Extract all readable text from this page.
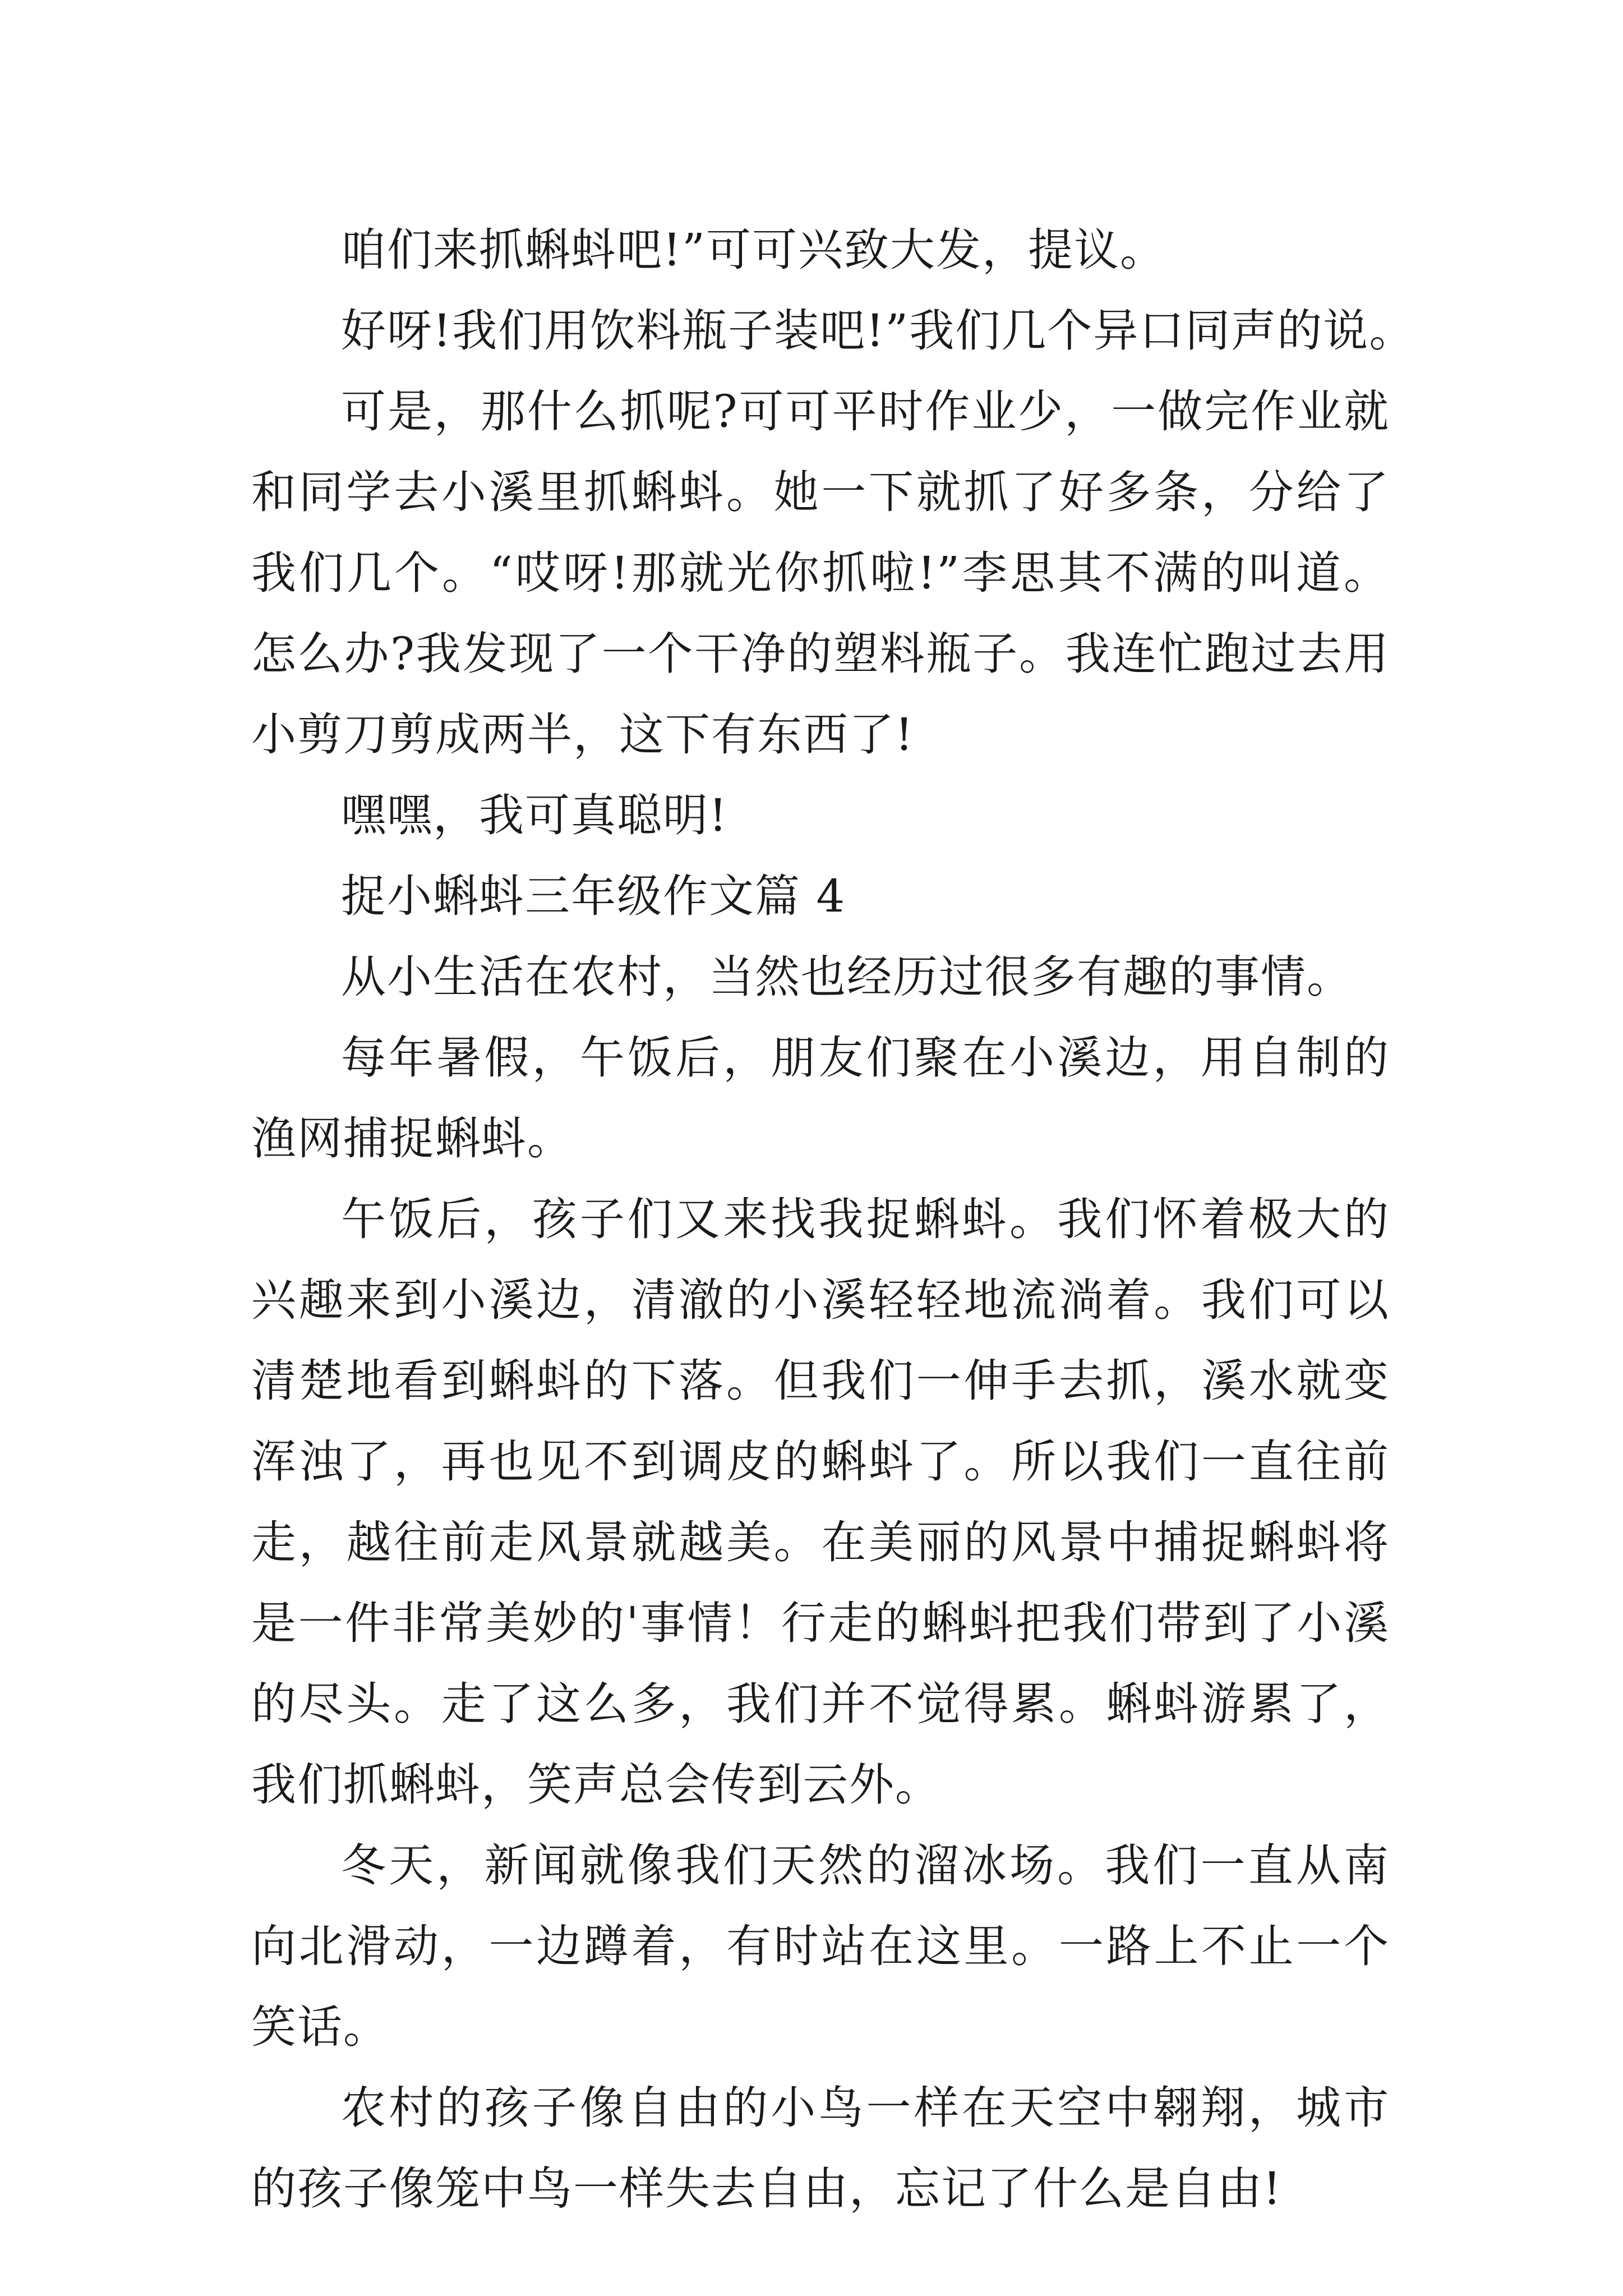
咱们来抓蝌蚪吧!”可可兴致大发，提议。

好呀!我们用饮料瓶子装吧!”我们几个异口同声的说。

可是，那什么抓呢?可可平时作业少，一做完作业就和同学去小溪里抓蝌蚪。她一下就抓了好多条，分给了我们几个。“哎呀!那就光你抓啦!”李思其不满的叫道。怎么办?我发现了一个干净的塑料瓶子。我连忙跑过去用小剪刀剪成两半，这下有东西了!

嘿嘿，我可真聪明!

捉小蝌蚪三年级作文篇 4

从小生活在农村，当然也经历过很多有趣的事情。

每年暑假，午饭后，朋友们聚在小溪边，用自制的渔网捕捉蝌蚪。

午饭后，孩子们又来找我捉蝌蚪。我们怀着极大的兴趣来到小溪边，清澈的小溪轻轻地流淌着。我们可以清楚地看到蝌蚪的下落。但我们一伸手去抓，溪水就变浑浊了，再也见不到调皮的蝌蚪了。所以我们一直往前走，越往前走风景就越美。在美丽的风景中捕捉蝌蚪将是一件非常美妙的'事情！行走的蝌蚪把我们带到了小溪的尽头。走了这么多，我们并不觉得累。蝌蚪游累了，我们抓蝌蚪，笑声总会传到云外。

冬天，新闻就像我们天然的溜冰场。我们一直从南向北滑动，一边蹲着，有时站在这里。一路上不止一个笑话。

农村的孩子像自由的小鸟一样在天空中翱翔，城市的孩子像笼中鸟一样失去自由，忘记了什么是自由!
